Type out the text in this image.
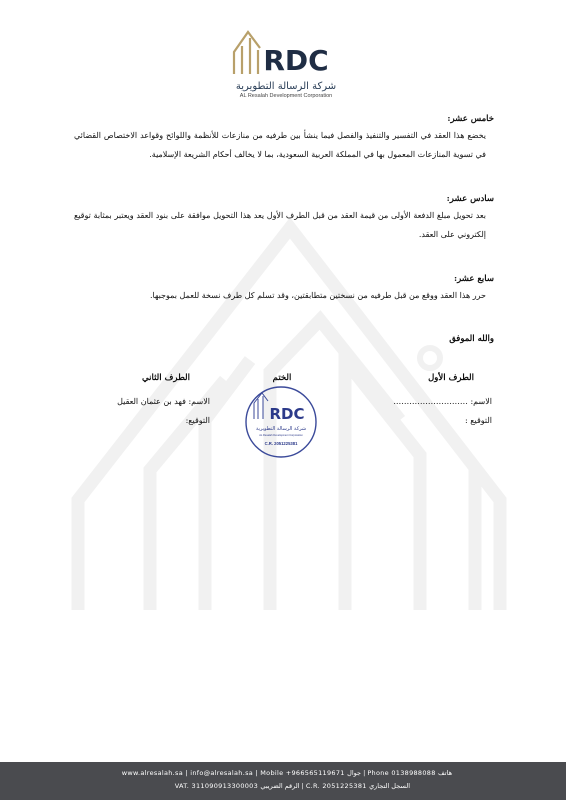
RDC
شركة الرسالة التطويرية
AL Resalah Development Corporation
خامس عشر:
يخضع هذا العقد في التفسير والتنفيذ والفصل فيما ينشأ بين طرفيه من منازعات للأنظمة واللوائح وقواعد الاختصاص القضائي في تسوية المنازعات المعمول بها في المملكة العربية السعودية، بما لا يخالف أحكام الشريعة الإسلامية.
سادس عشر:
بعد تحويل مبلغ الدفعة الأولى من قيمة العقد من قبل الطرف الأول يعد هذا التحويل موافقة على بنود العقد ويعتبر بمثابة توقيع إلكتروني على العقد.
سابع عشر:
حرر هذا العقد ووقع من قبل طرفيه من نسختين متطابقتين، وقد تسلم كل طرف نسخة للعمل بموجبها.
والله الموفق
الطرف الأول
الاسم: ……………………….
التوقيع :
الختم
الطرف الثاني
الاسم: فهد بن عثمان العقيل
التوقيع:	RDC
شركة الرسالة التطويرية
AL Resalah Development Corporation
C.R. 2051225381
www.alresalah.sa | info@alresalah.sa | Mobile +966565119671 جوال | Phone 0138988088 هاتف
VAT. 311090913300003 الرقم الضريبي | C.R. 2051225381 السجل التجاري
